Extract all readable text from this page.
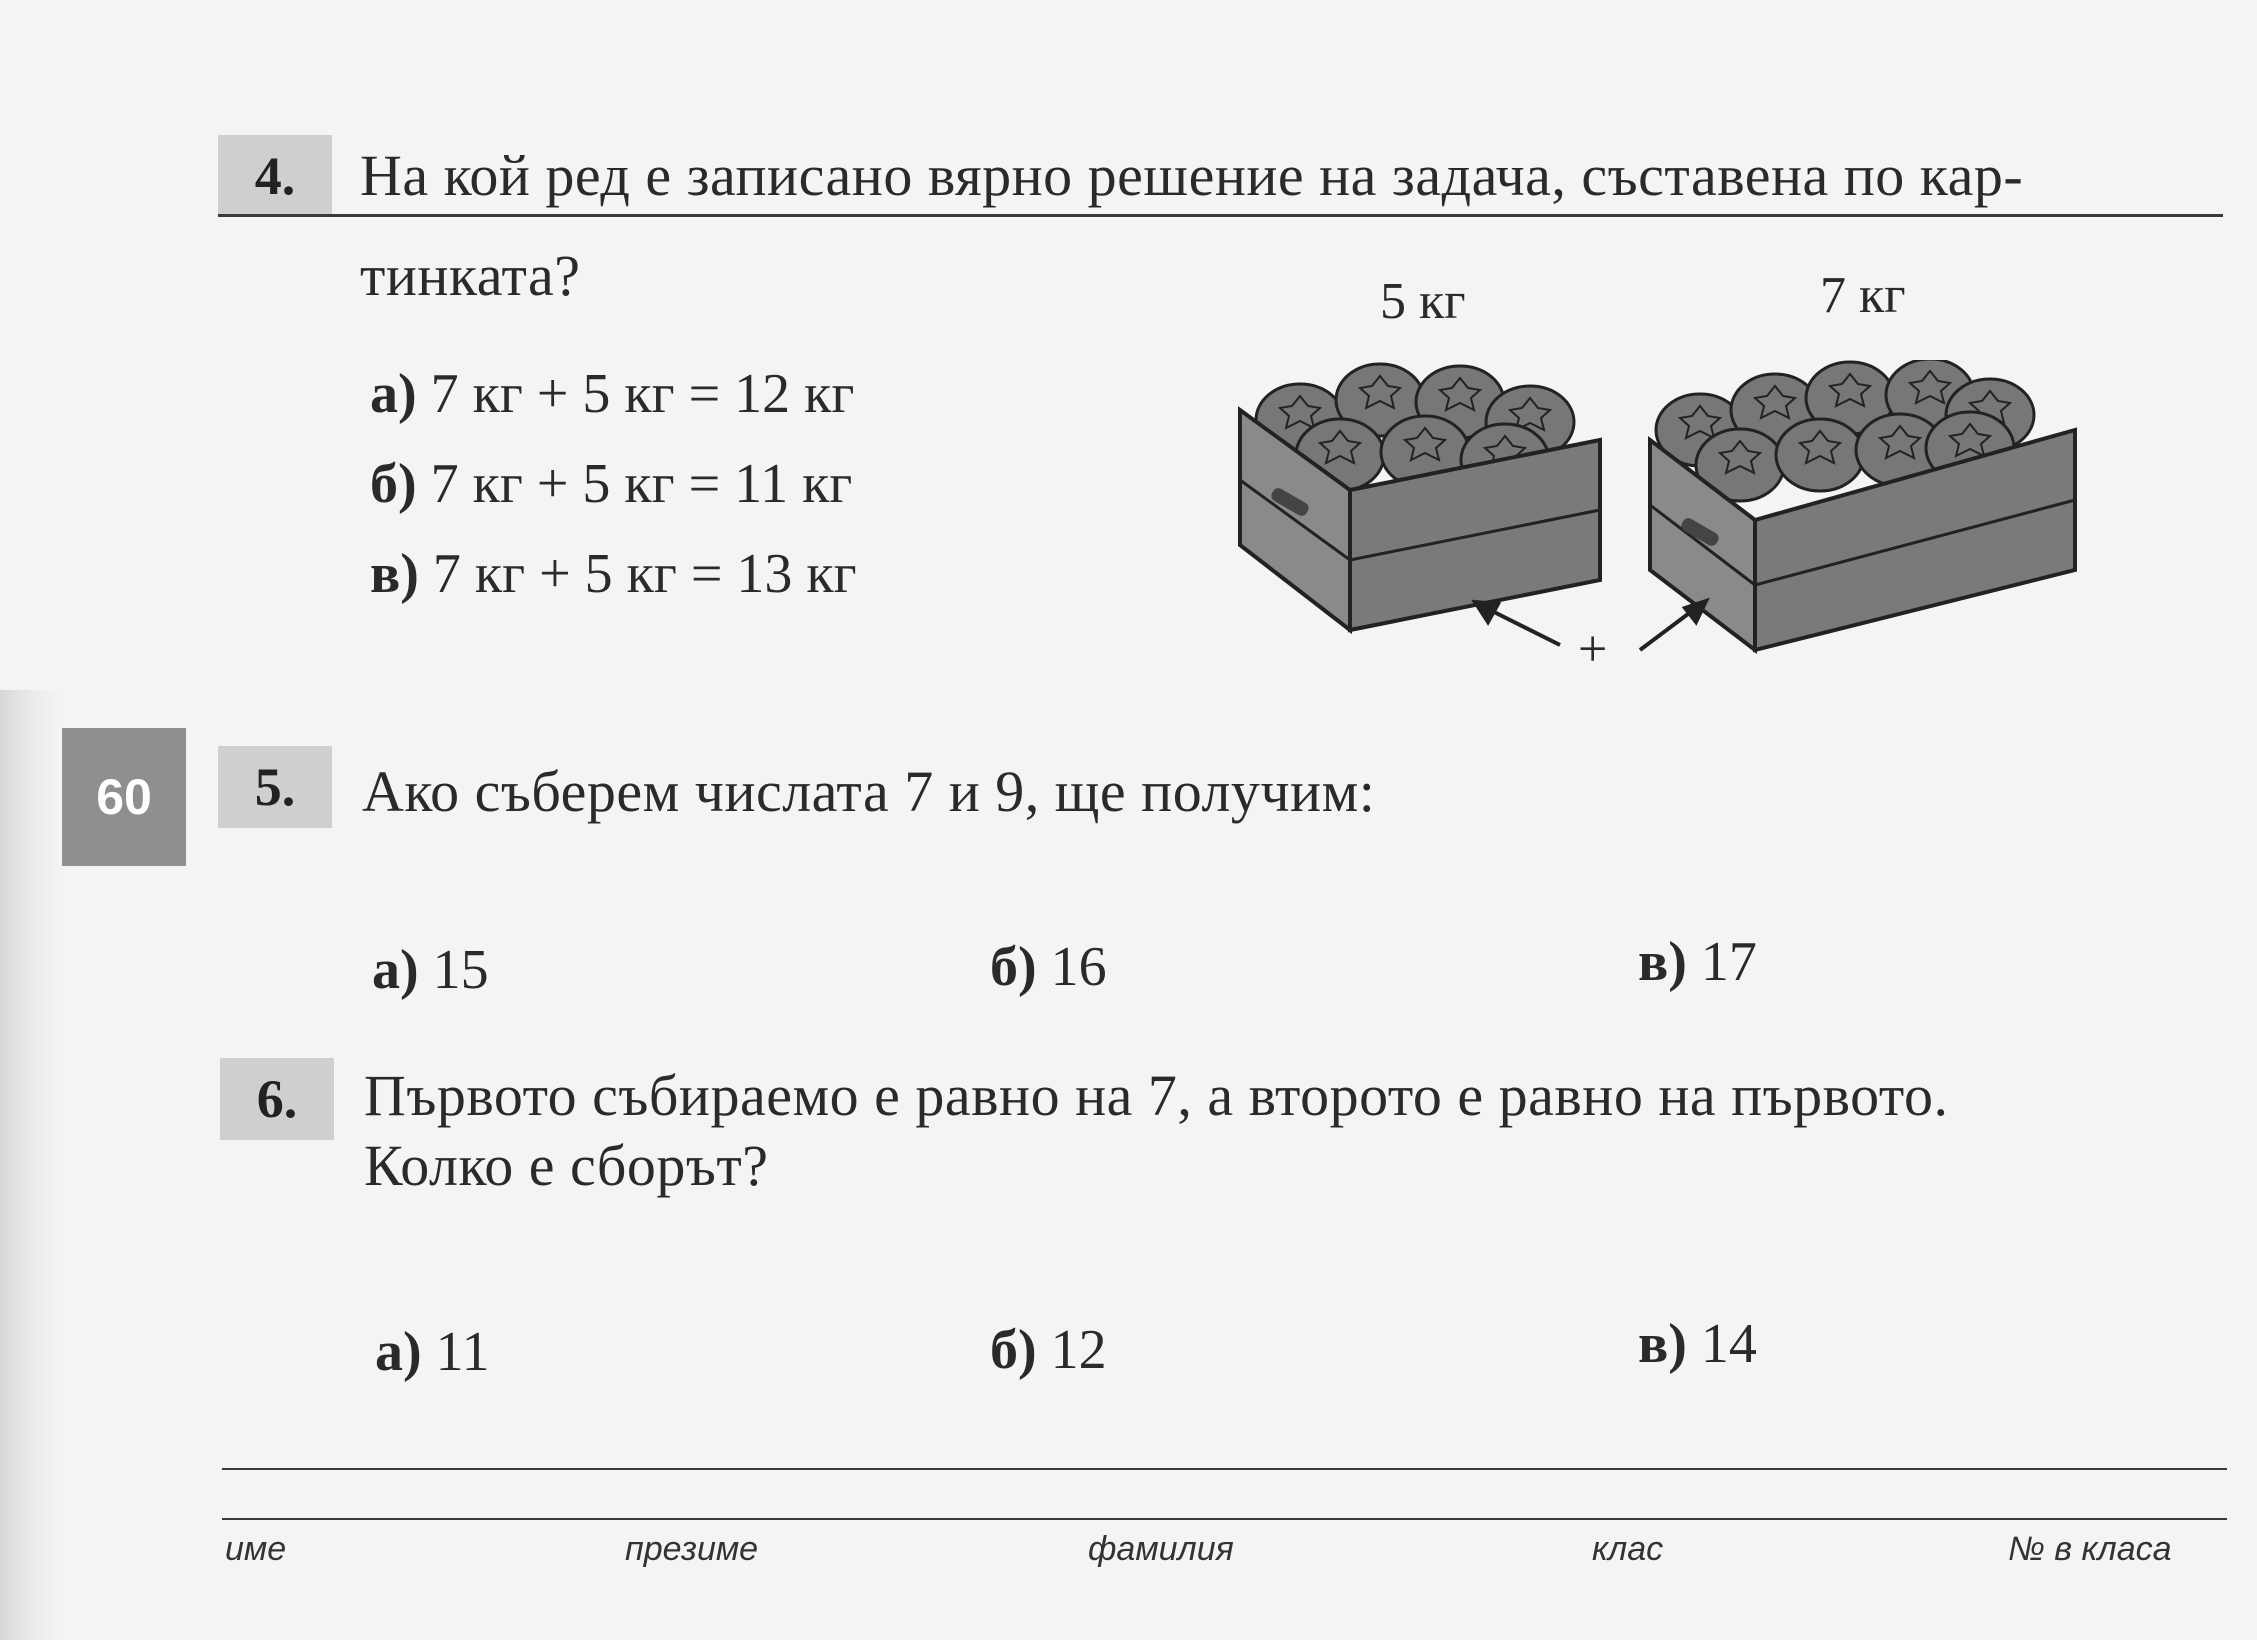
60
4.	На кой ред е записано вярно решение на задача, съставена по кар-
тинката?
а) 7 кг + 5 кг = 12 кг
б) 7 кг + 5 кг = 11 кг
в) 7 кг + 5 кг = 13 кг
5 кг	7 кг
+
5.	Ако съберем числата 7 и 9, ще получим:
а) 15	б) 16	в) 17
6.	Първото събираемо е равно на 7, а второто е равно на първото.
Колко е сборът?
а) 11	б) 12	в) 14
име	презиме	фамилия	клас	№ в класа
